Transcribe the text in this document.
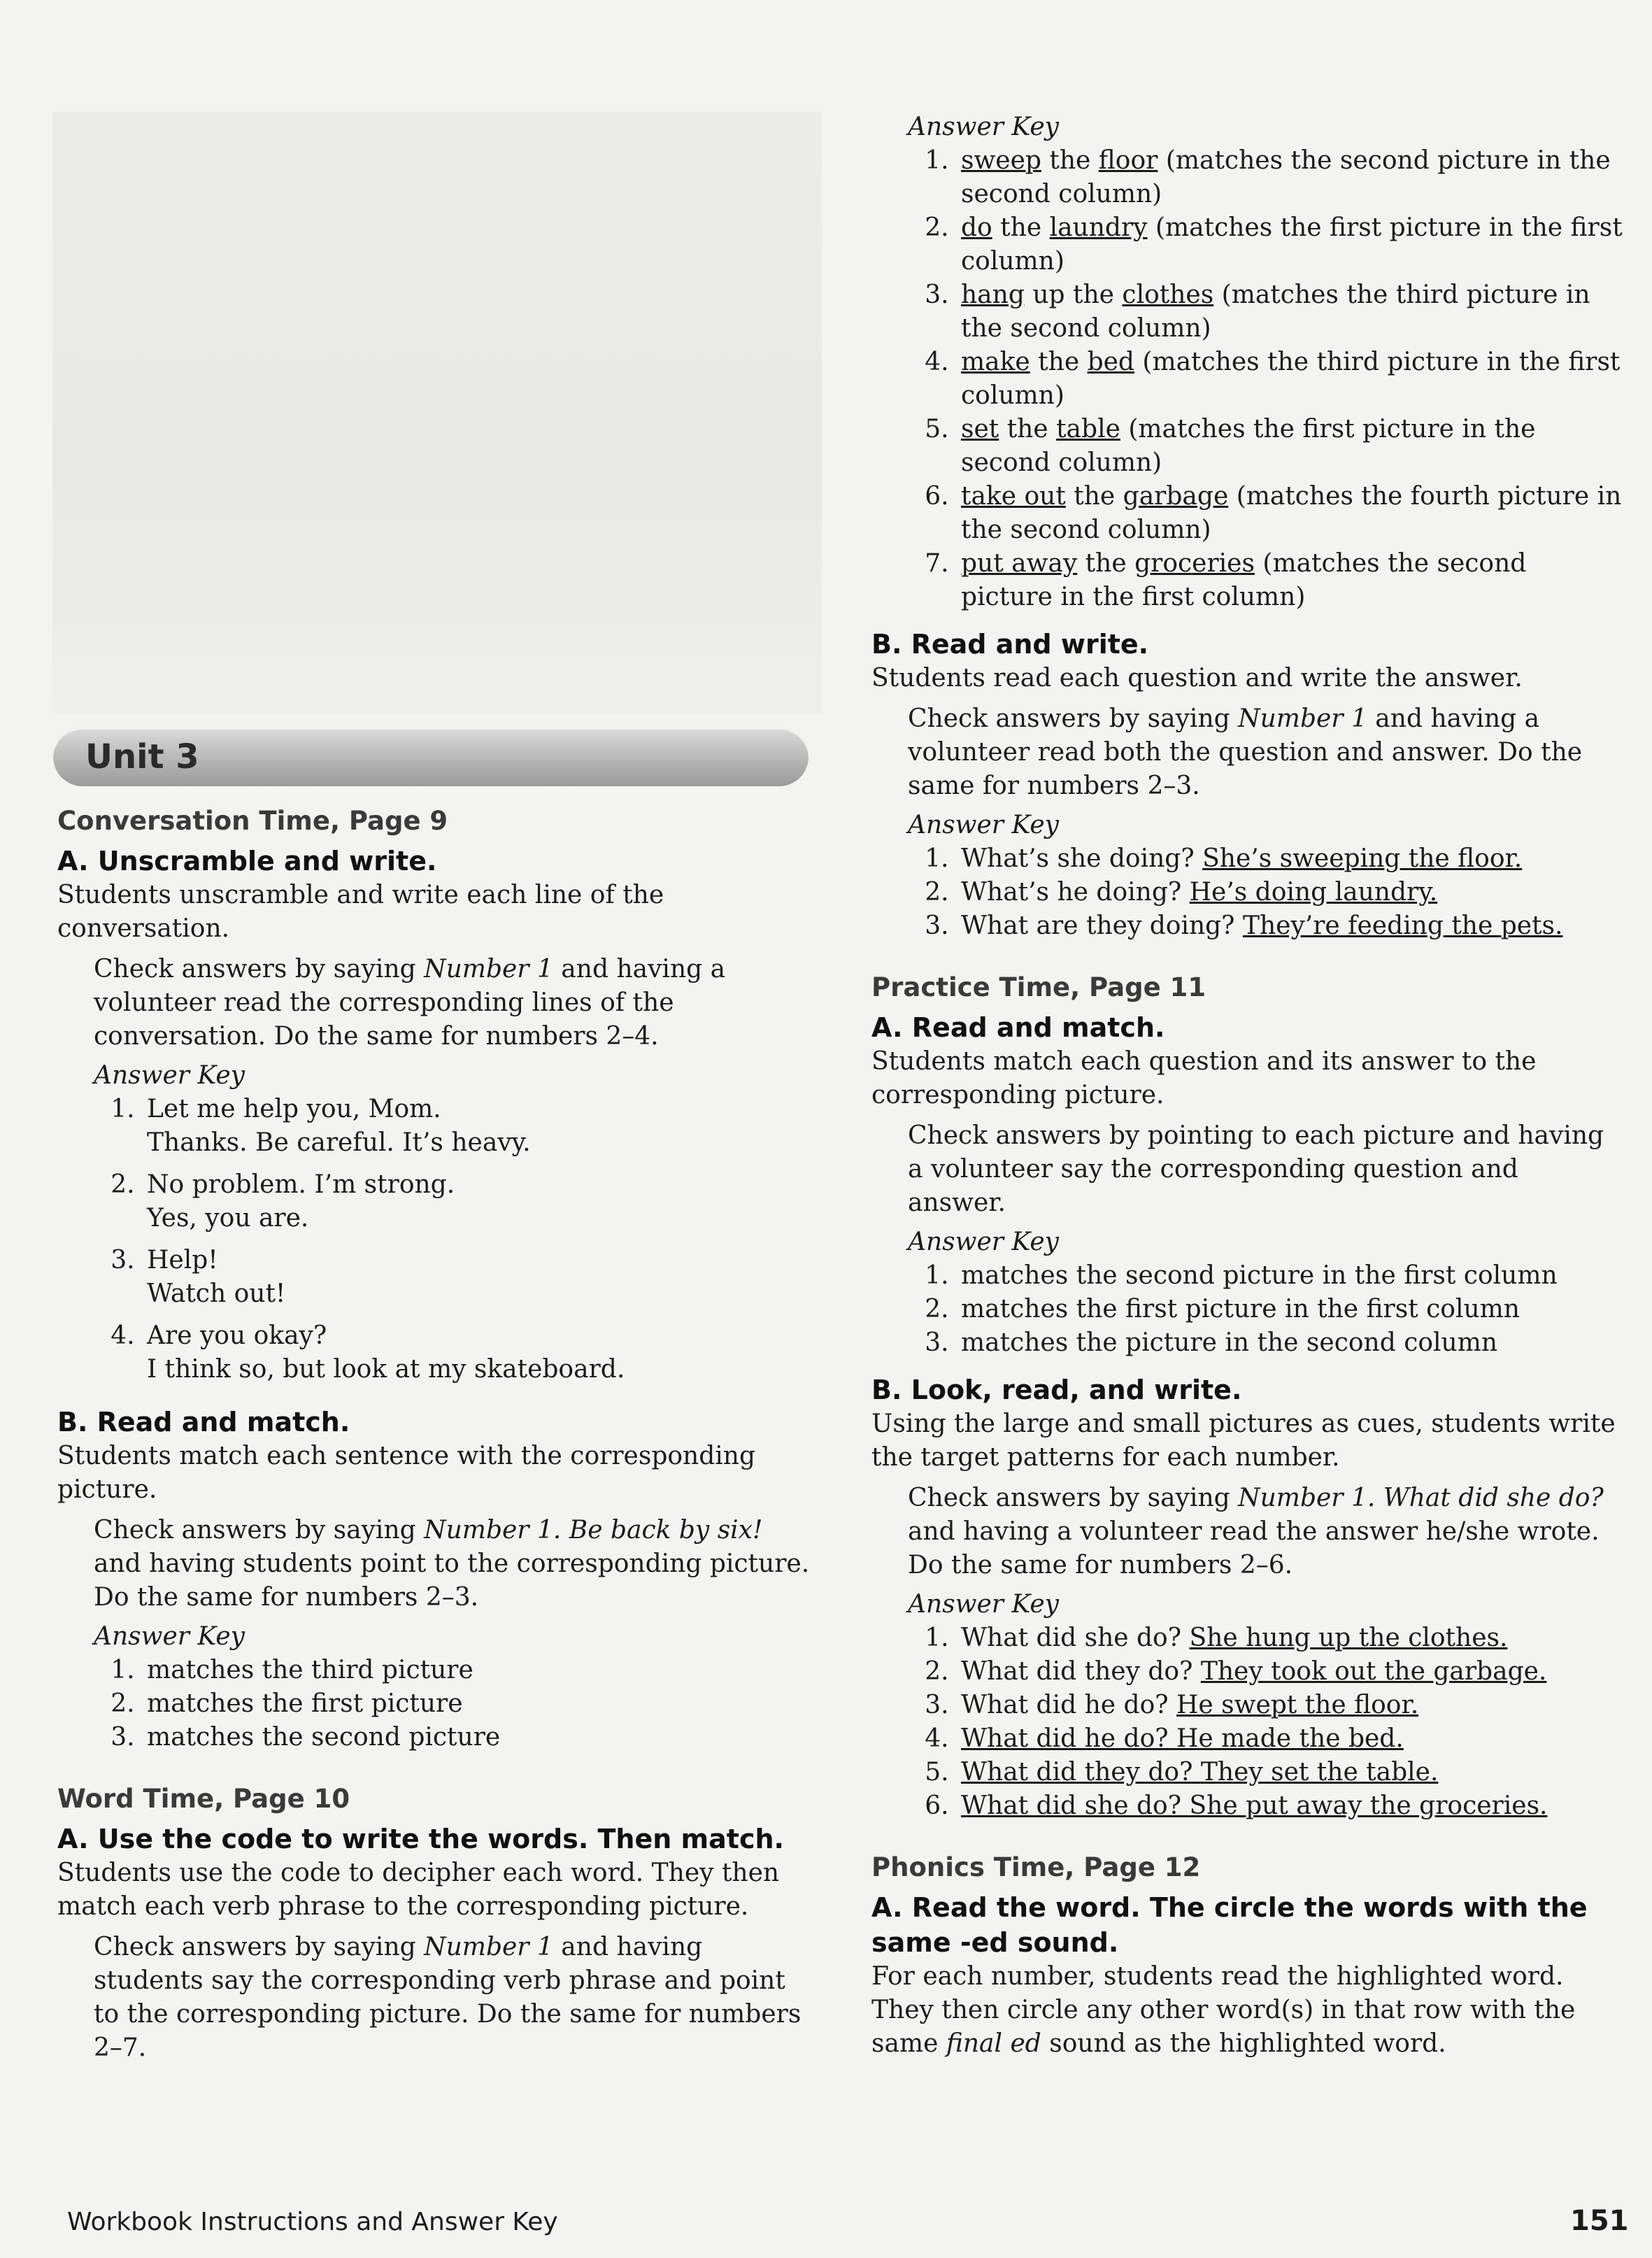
Unit 3
Conversation Time, Page 9
A. Unscramble and write.

Students unscramble and write each line of the conversation.

Check answers by saying Number 1 and having a volunteer read the corresponding lines of the conversation. Do the same for numbers 2–4.

Answer Key
1. Let me help you, Mom.
Thanks. Be careful. It’s heavy.
2. No problem. I’m strong.
Yes, you are.
3. Help!
Watch out!
4. Are you okay?
I think so, but look at my skateboard.
B. Read and match.

Students match each sentence with the corresponding picture.

Check answers by saying Number 1. Be back by six! and having students point to the corresponding picture. Do the same for numbers 2–3.

Answer Key
1. matches the third picture
2. matches the first picture
3. matches the second picture
Word Time, Page 10
A. Use the code to write the words. Then match.

Students use the code to decipher each word. They then match each verb phrase to the corresponding picture.

Check answers by saying Number 1 and having students say the corresponding verb phrase and point to the corresponding picture. Do the same for numbers 2–7.

Answer Key
1. sweep the floor (matches the second picture in the second column)
2. do the laundry (matches the first picture in the first column)
3. hang up the clothes (matches the third picture in the second column)
4. make the bed (matches the third picture in the first column)
5. set the table (matches the first picture in the second column)
6. take out the garbage (matches the fourth picture in the second column)
7. put away the groceries (matches the second picture in the first column)
B. Read and write.

Students read each question and write the answer.

Check answers by saying Number 1 and having a volunteer read both the question and answer. Do the same for numbers 2–3.

Answer Key
1. What’s she doing? She’s sweeping the floor.
2. What’s he doing? He’s doing laundry.
3. What are they doing? They’re feeding the pets.
Practice Time, Page 11
A. Read and match.

Students match each question and its answer to the corresponding picture.

Check answers by pointing to each picture and having a volunteer say the corresponding question and answer.

Answer Key
1. matches the second picture in the first column
2. matches the first picture in the first column
3. matches the picture in the second column
B. Look, read, and write.

Using the large and small pictures as cues, students write the target patterns for each number.

Check answers by saying Number 1. What did she do? and having a volunteer read the answer he/she wrote. Do the same for numbers 2–6.

Answer Key
1. What did she do? She hung up the clothes.
2. What did they do? They took out the garbage.
3. What did he do? He swept the floor.
4. What did he do? He made the bed.
5. What did they do? They set the table.
6. What did she do? She put away the groceries.
Phonics Time, Page 12
A. Read the word. The circle the words with the same -ed sound.

For each number, students read the highlighted word. They then circle any other word(s) in that row with the same final ed sound as the highlighted word.

Workbook Instructions and Answer Key	151
